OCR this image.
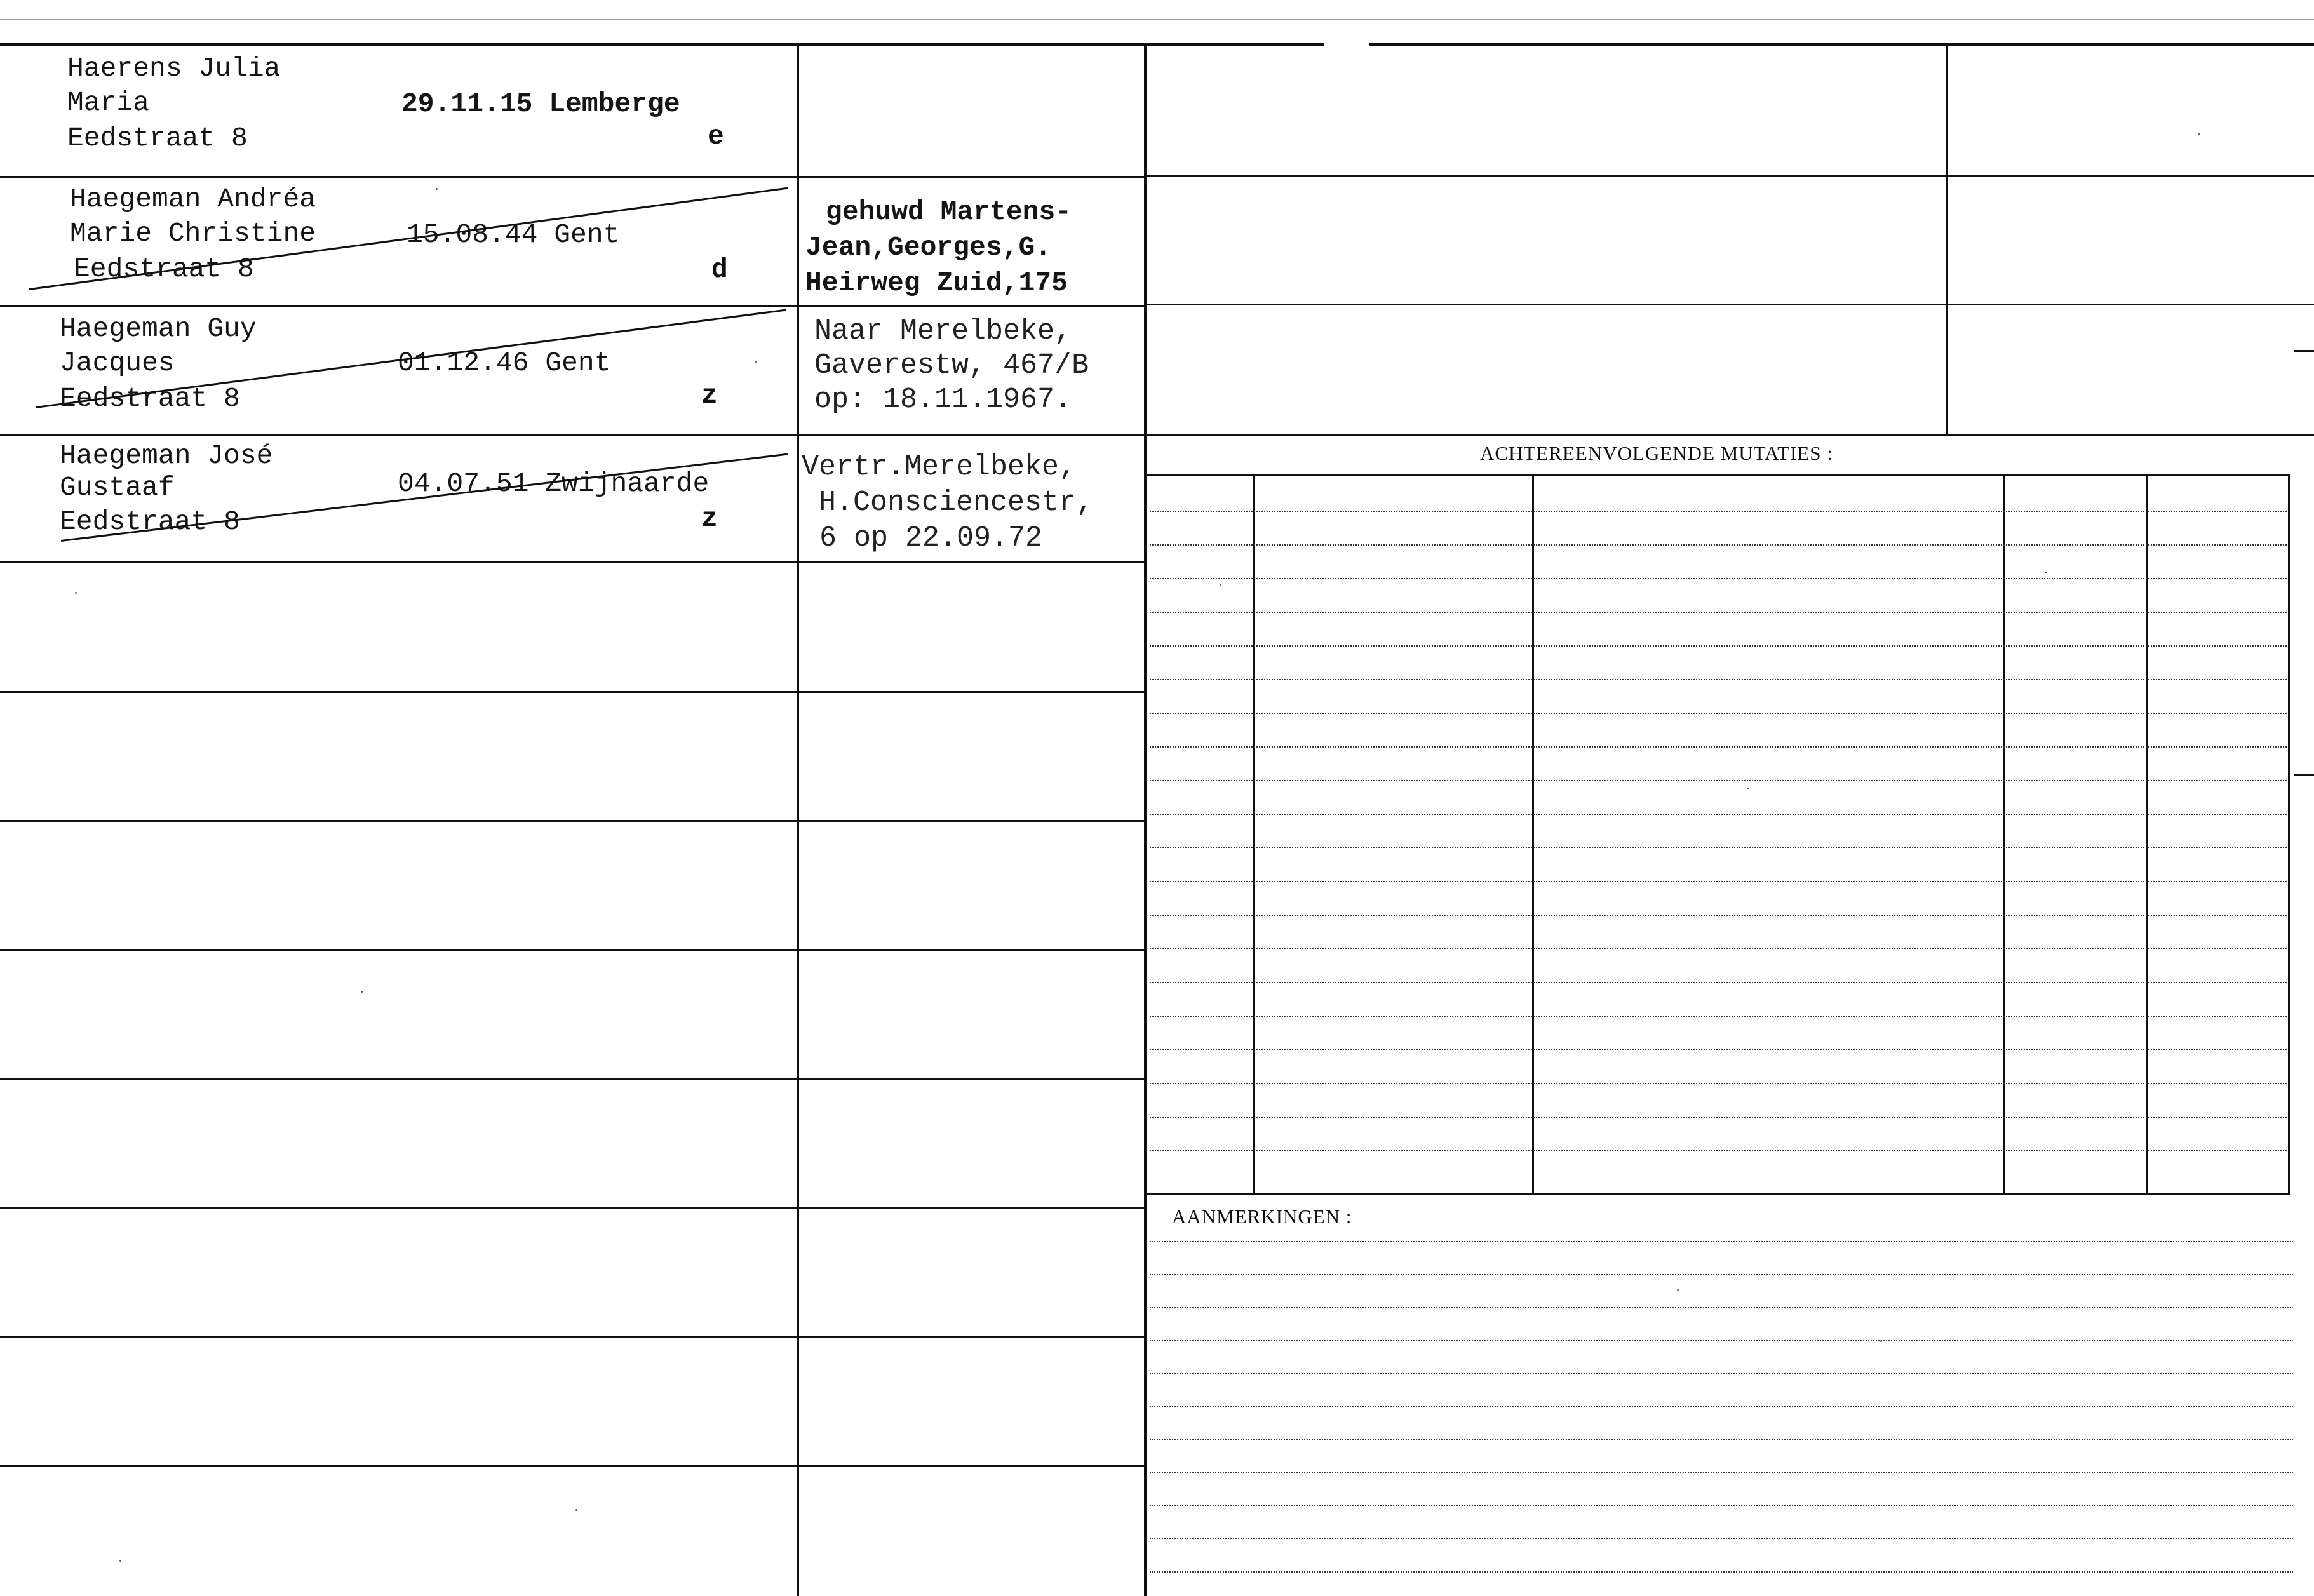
ACHTEREENVOLGENDE MUTATIES :
AANMERKINGEN :
Haerens Julia
Maria
Eedstraat 8
29.11.15 Lemberge
e
Haegeman Andréa
Marie Christine
Eedstraat 8
15.08.44 Gent
d
gehuwd Martens-
Jean,Georges,G.
Heirweg Zuid,175
Haegeman Guy
Jacques
Eedstraat 8
01.12.46 Gent
z
Naar Merelbeke,
Gaverestw, 467/B
op: 18.11.1967.
Haegeman José
Gustaaf
Eedstraat 8
04.07.51 Zwijnaarde
z
Vertr.Merelbeke,
H.Consciencestr,
6 op 22.09.72
